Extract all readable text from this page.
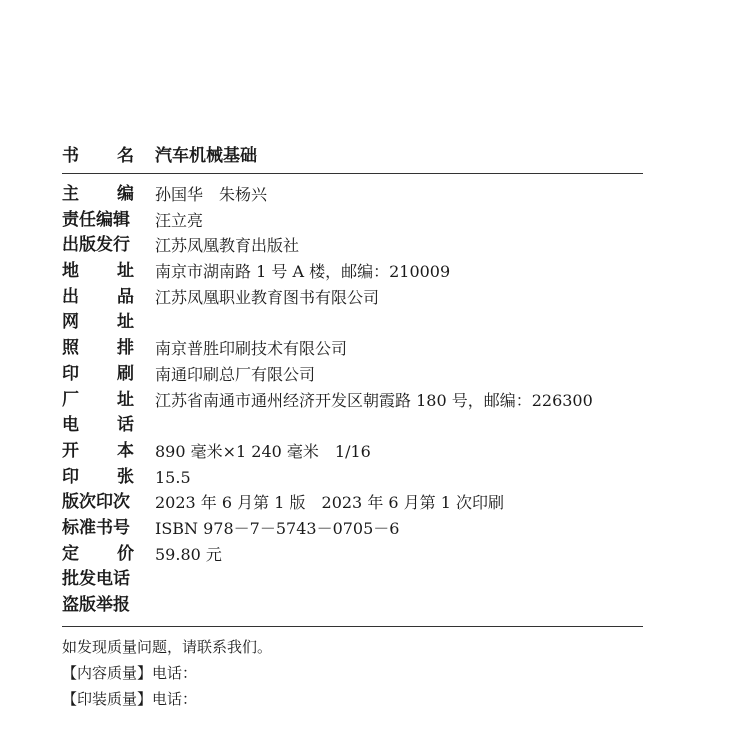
书 名 汽车机械基础
主 编 孙国华　朱杨兴
责任编辑 汪立亮
出版发行 江苏凤凰教育出版社
地 址 南京市湖南路 1 号 A 楼，邮编：210009
出 品 江苏凤凰职业教育图书有限公司
网 址
照 排 南京普胜印刷技术有限公司
印 刷 南通印刷总厂有限公司
厂 址 江苏省南通市通州经济开发区朝霞路 180 号，邮编：226300
电 话
开 本 890 毫米×1 240 毫米　1/16
印 张 15.5
版次印次 2023 年 6 月第 1 版　2023 年 6 月第 1 次印刷
标准书号 ISBN 978－7－5743－0705－6
定 价 59.80 元
批发电话
盗版举报
如发现质量问题，请联系我们。
【内容质量】电话：
【印装质量】电话：
